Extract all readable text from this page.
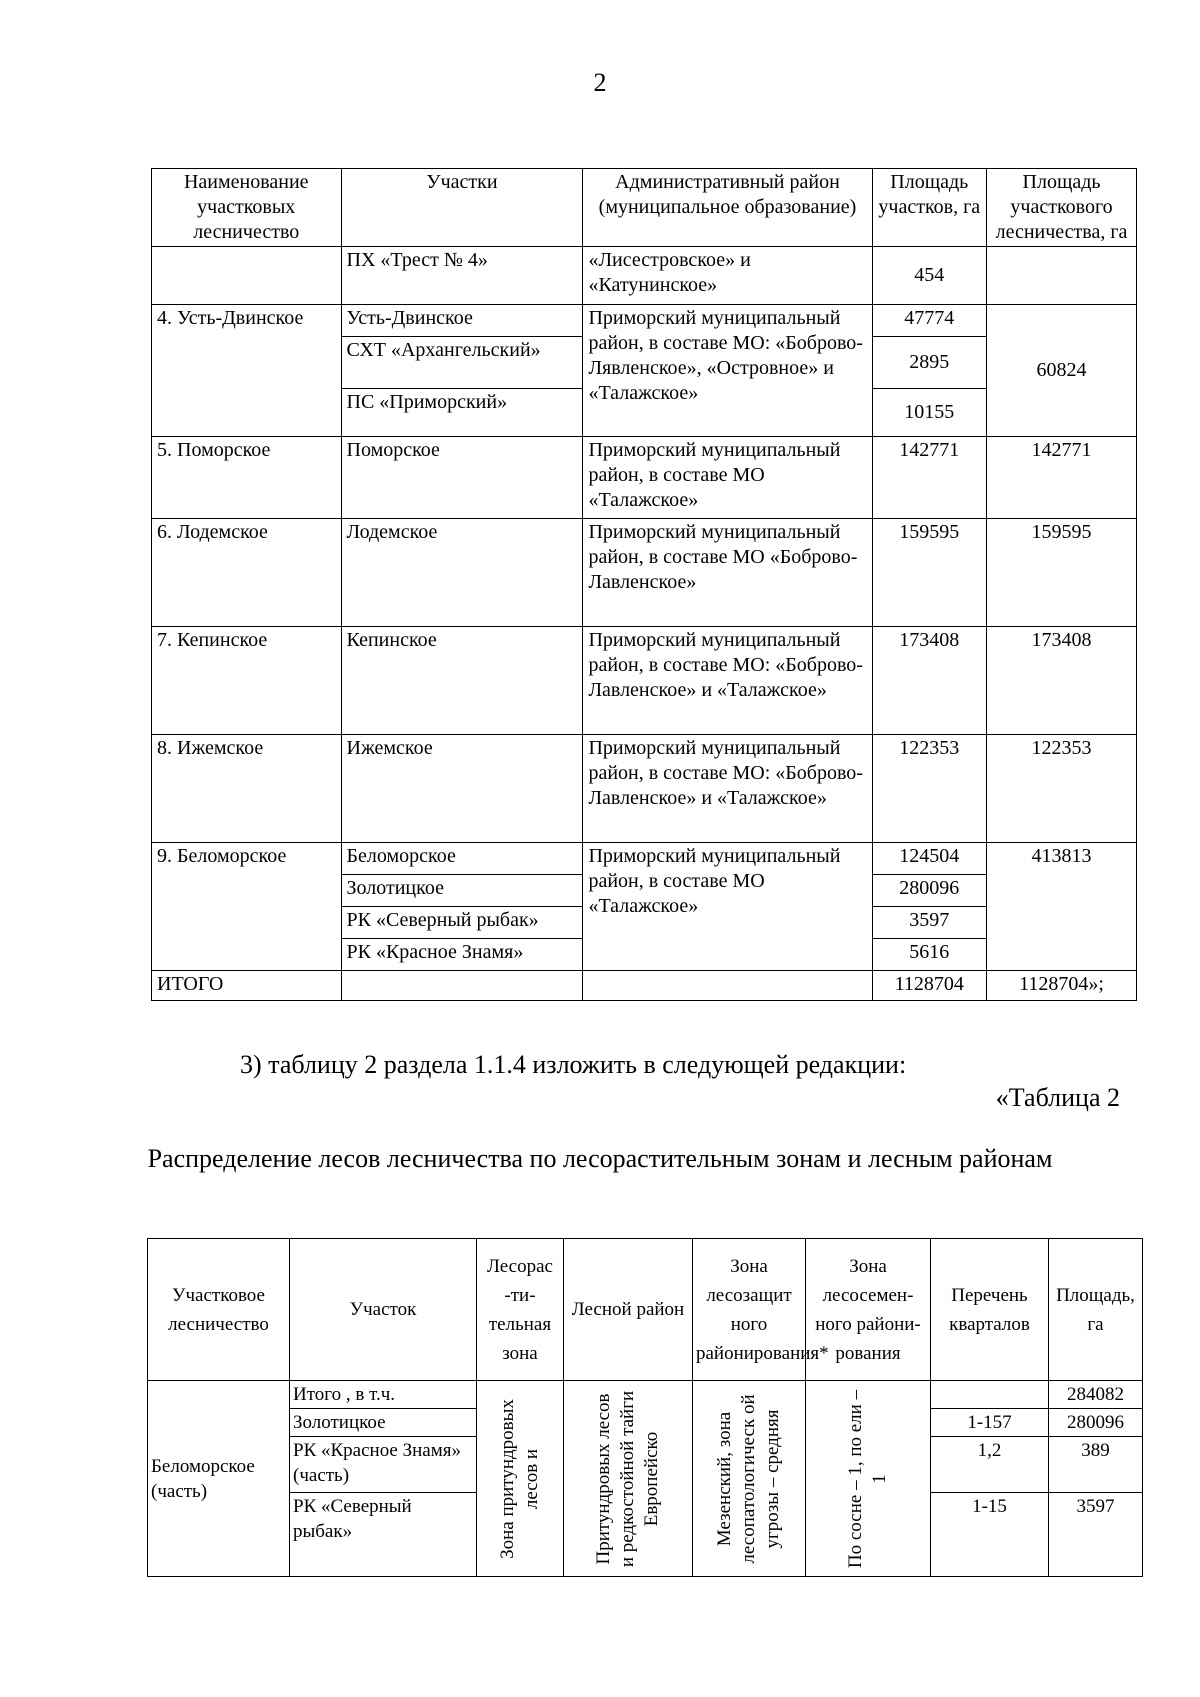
2
Наименование участковых лесничество	Участки	Административный район (муниципальное образование)	Площадь участков, га	Площадь участкового лесничества, га
	ПХ «Трест № 4»	«Лисестровское» и «Катунинское»	454	
4. Усть-Двинское	Усть-Двинское	Приморский муниципальный район, в составе МО: «Боброво-Лявленское», «Островное» и «Талажское»	47774	60824
	СХТ «Архангельский»		2895	
	ПС «Приморский»		10155	
5. Поморское	Поморское	Приморский муниципальный район, в составе МО «Талажское»	142771	142771
6. Лодемское	Лодемское	Приморский муниципальный район, в составе МО «Боброво-Лавленское»	159595	159595
7. Кепинское	Кепинское	Приморский муниципальный район, в составе МО: «Боброво-Лавленское» и «Талажское»	173408	173408
8. Ижемское	Ижемское	Приморский муниципальный район, в составе МО: «Боброво-Лавленское» и «Талажское»	122353	122353
9. Беломорское	Беломорское	Приморский муниципальный район, в составе МО «Талажское»	124504	413813
	Золотицкое		280096	
	РК «Северный рыбак»		3597	
	РК «Красное Знамя»		5616	
ИТОГО			1128704	1128704»;
3) таблицу 2 раздела 1.1.4 изложить в следующей редакции:
«Таблица 2
Распределение лесов лесничества по лесорастительным зонам и лесным районам
Участковое лесничество	Участок	Лесорас -ти- тельная зона	Лесной район	Зона лесозащит ного районирования*	Зона лесосемен- ного райони- рования	Перечень кварталов	Площадь, га
Беломорское (часть)	Итого , в т.ч.	Зона притундровых лесов и	Притундровых лесов и редкостойной тайги Европейско	Мезенский, зона лесопатологическ ой угрозы – средняя	По сосне – 1, по ели – 1		284082
	Золотицкое					1-157	280096
	РК «Красное Знамя» (часть)					1,2	389
	РК «Северный рыбак»					1-15	3597
